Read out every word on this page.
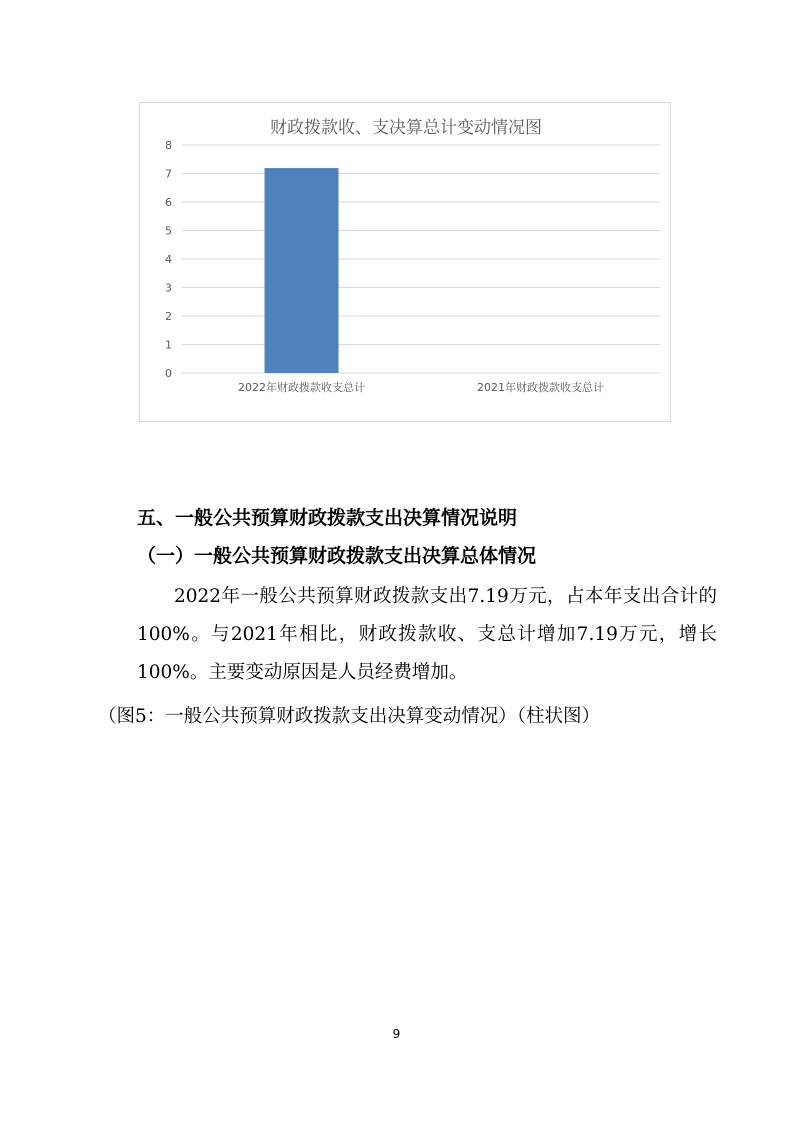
财政拨款收、支决算总计变动情况图
0
1
2
3
4
5
6
7
8
2022年财政拨款收支总计	2021年财政拨款收支总计
五、一般公共预算财政拨款支出决算情况说明
（一）一般公共预算财政拨款支出决算总体情况
2022年一般公共预算财政拨款支出7.19万元，占本年支出合计的100%。与2021年相比，财政拨款收、支总计增加7.19万元，增长100%。主要变动原因是人员经费增加。
（图5：一般公共预算财政拨款支出决算变动情况）（柱状图）
9
